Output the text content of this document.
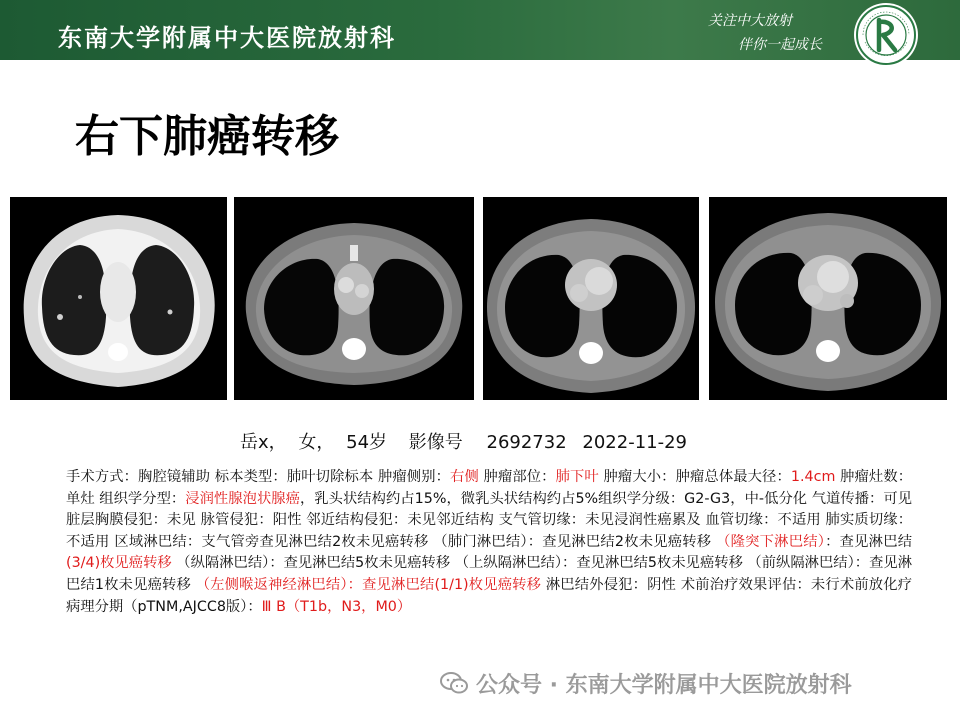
东南大学附属中大医院放射科
关注中大放射
伴你一起成长
右下肺癌转移
岳x， 女， 54岁 影像号 2692732 2022-11-29
手术方式：胸腔镜辅助 标本类型：肺叶切除标本 肿瘤侧别：右侧 肿瘤部位：肺下叶 肿瘤大小：肿瘤总体最大径：1.4cm 肿瘤灶数：单灶 组织学分型：浸润性腺泡状腺癌，乳头状结构约占15%，微乳头状结构约占5%组织学分级：G2-G3，中-低分化 气道传播：可见 脏层胸膜侵犯：未见 脉管侵犯：阳性 邻近结构侵犯：未见邻近结构 支气管切缘：未见浸润性癌累及 血管切缘：不适用 肺实质切缘：不适用 区域淋巴结：支气管旁查见淋巴结2枚未见癌转移 （肺门淋巴结）：查见淋巴结2枚未见癌转移 （隆突下淋巴结）：查见淋巴结(3/4)枚见癌转移 （纵隔淋巴结）：查见淋巴结5枚未见癌转移 （上纵隔淋巴结）：查见淋巴结5枚未见癌转移 （前纵隔淋巴结）：查见淋巴结1枚未见癌转移 （左侧喉返神经淋巴结）：查见淋巴结(1/1)枚见癌转移 淋巴结外侵犯：阴性 术前治疗效果评估：未行术前放化疗 病理分期（pTNM,AJCC8版）：Ⅲ B（T1b，N3，M0）
公众号 · 东南大学附属中大医院放射科
